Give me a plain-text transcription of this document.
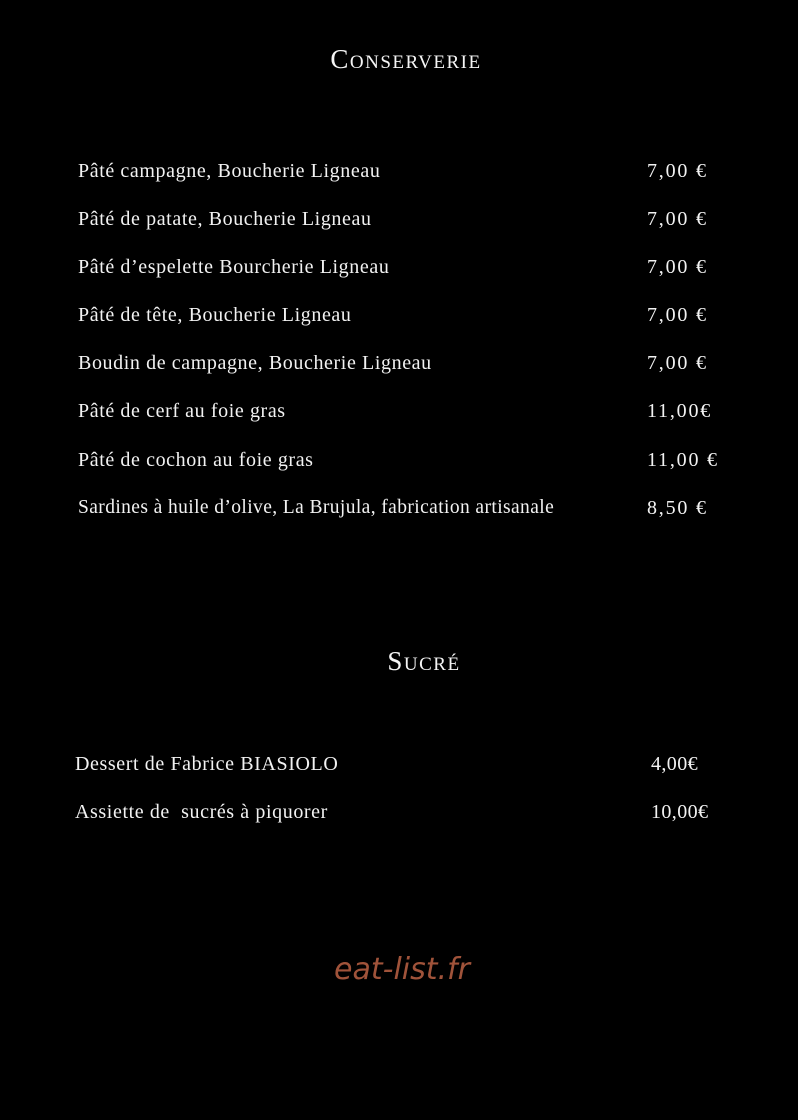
Conserverie
Pâté campagne, Boucherie Ligneau	7,00 €
Pâté de patate, Boucherie Ligneau	7,00 €
Pâté d’espelette Bourcherie Ligneau	7,00 €
Pâté de tête, Boucherie Ligneau	7,00 €
Boudin de campagne, Boucherie Ligneau	7,00 €
Pâté de cerf au foie gras	11,00€
Pâté de cochon au foie gras	11,00 €
Sardines à huile d’olive, La Brujula, fabrication artisanale	8,50 €
Sucré
Dessert de Fabrice BIASIOLO	4,00€
Assiette de  sucrés à piquorer	10,00€
eat-list.fr
